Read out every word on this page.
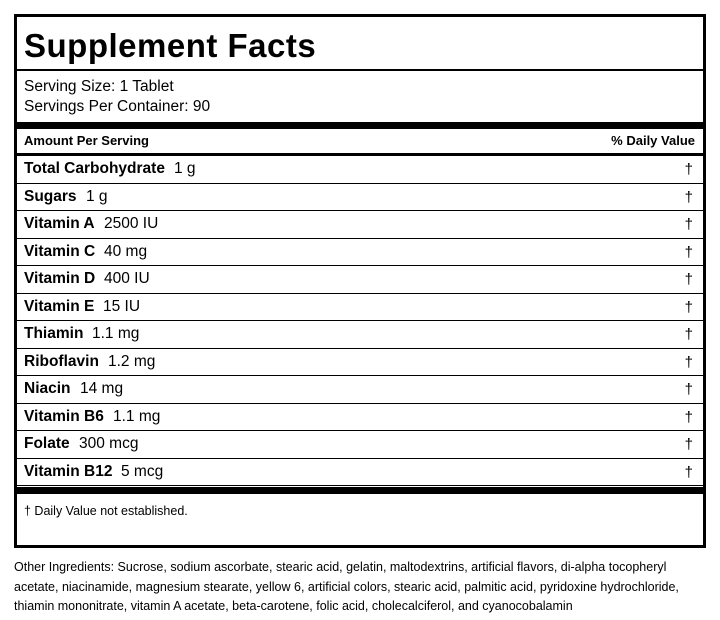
Supplement Facts
Serving Size: 1 Tablet
Servings Per Container: 90
Amount Per Serving	% Daily Value
Total Carbohydrate 1 g	†
Sugars 1 g	†
Vitamin A 2500 IU	†
Vitamin C 40 mg	†
Vitamin D 400 IU	†
Vitamin E 15 IU	†
Thiamin 1.1 mg	†
Riboflavin 1.2 mg	†
Niacin 14 mg	†
Vitamin B6 1.1 mg	†
Folate 300 mcg	†
Vitamin B12 5 mcg	†
† Daily Value not established.

Other Ingredients: Sucrose, sodium ascorbate, stearic acid, gelatin, maltodextrins, artificial flavors, di-alpha tocopheryl acetate, niacinamide, magnesium stearate, yellow 6, artificial colors, stearic acid, palmitic acid, pyridoxine hydrochloride, thiamin mononitrate, vitamin A acetate, beta-carotene, folic acid, cholecalciferol, and cyanocobalamin
